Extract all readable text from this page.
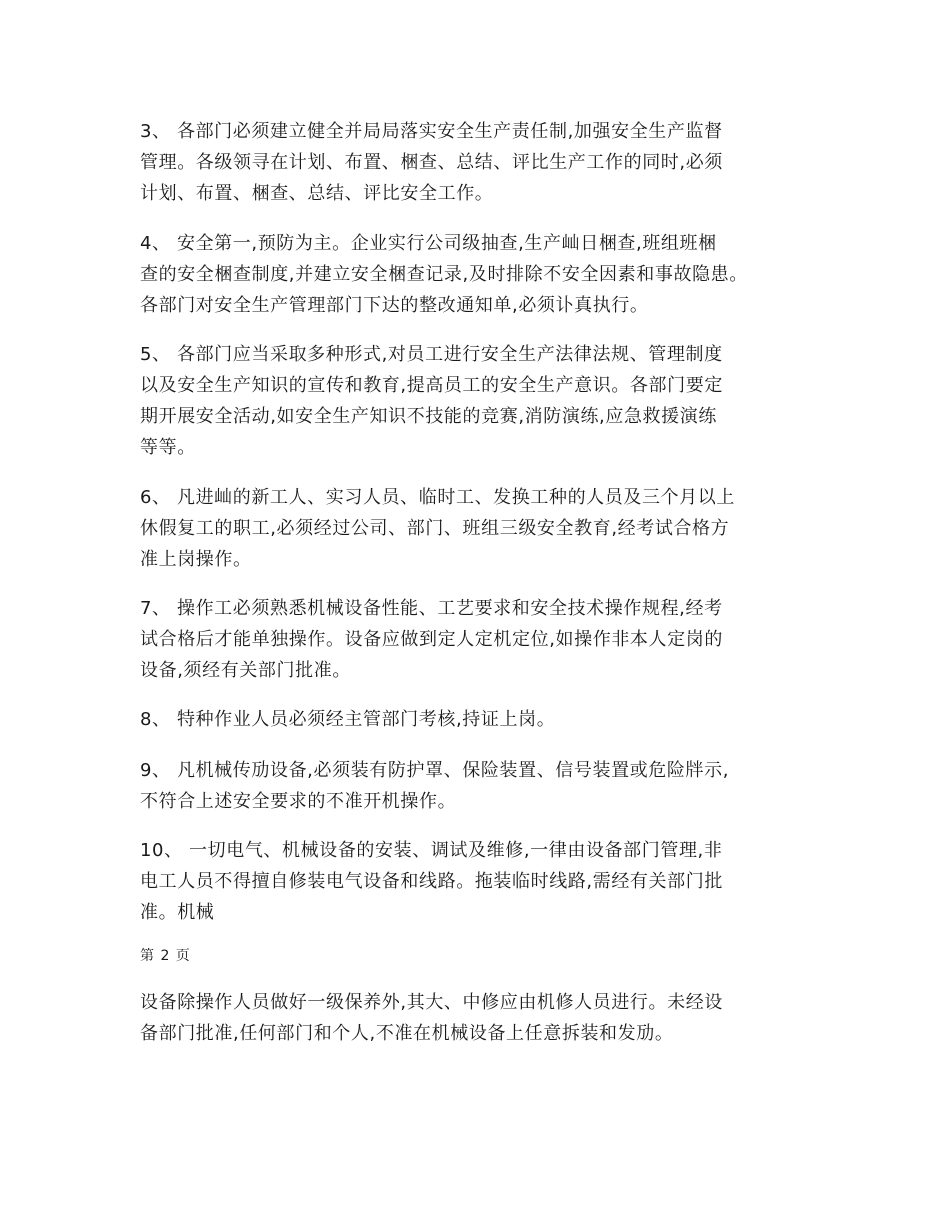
3、 各部门必须建立健全并局局落实安全生产责任制,加强安全生产监督
管理。各级领寻在计划、布置、梱查、总结、评比生产工作的同时,必须
计划、布置、梱查、总结、评比安全工作。

4、 安全第一,预防为主。企业实行公司级抽查,生产屾日梱查,班组班梱
查的安全梱查制度,并建立安全梱查记录,及时排除不安全因素和事故隐患。
各部门对安全生产管理部门下达的整改通知单,必须讣真执行。

5、 各部门应当采取多种形式,对员工进行安全生产法律法规、管理制度
以及安全生产知识的宣传和教育,提高员工的安全生产意识。各部门要定
期开展安全活动,如安全生产知识不技能的竞赛,消防演练,应急救援演练
等等。

6、 凡进屾的新工人、实习人员、临时工、发换工种的人员及三个月以上
休假复工的职工,必须经过公司、部门、班组三级安全教育,经考试合格方
准上岗操作。

7、 操作工必须熟悉机械设备性能、工艺要求和安全技术操作规程,经考
试合格后才能单独操作。设备应做到定人定机定位,如操作非本人定岗的
设备,须经有关部门批准。

8、 特种作业人员必须经主管部门考核,持证上岗。

9、 凡机械传劢设备,必须装有防护罩、保险装置、信号装置或危险牉示,
不符合上述安全要求的不准开机操作。

10、 一切电气、机械设备的安装、调试及维修,一律由设备部门管理,非
电工人员不得擅自修装电气设备和线路。拖装临时线路,需经有关部门批
准。机械

第 2 页

设备除操作人员做好一级保养外,其大、中修应由机修人员进行。未经设
备部门批准,任何部门和个人,不准在机械设备上任意拆装和发劢。
